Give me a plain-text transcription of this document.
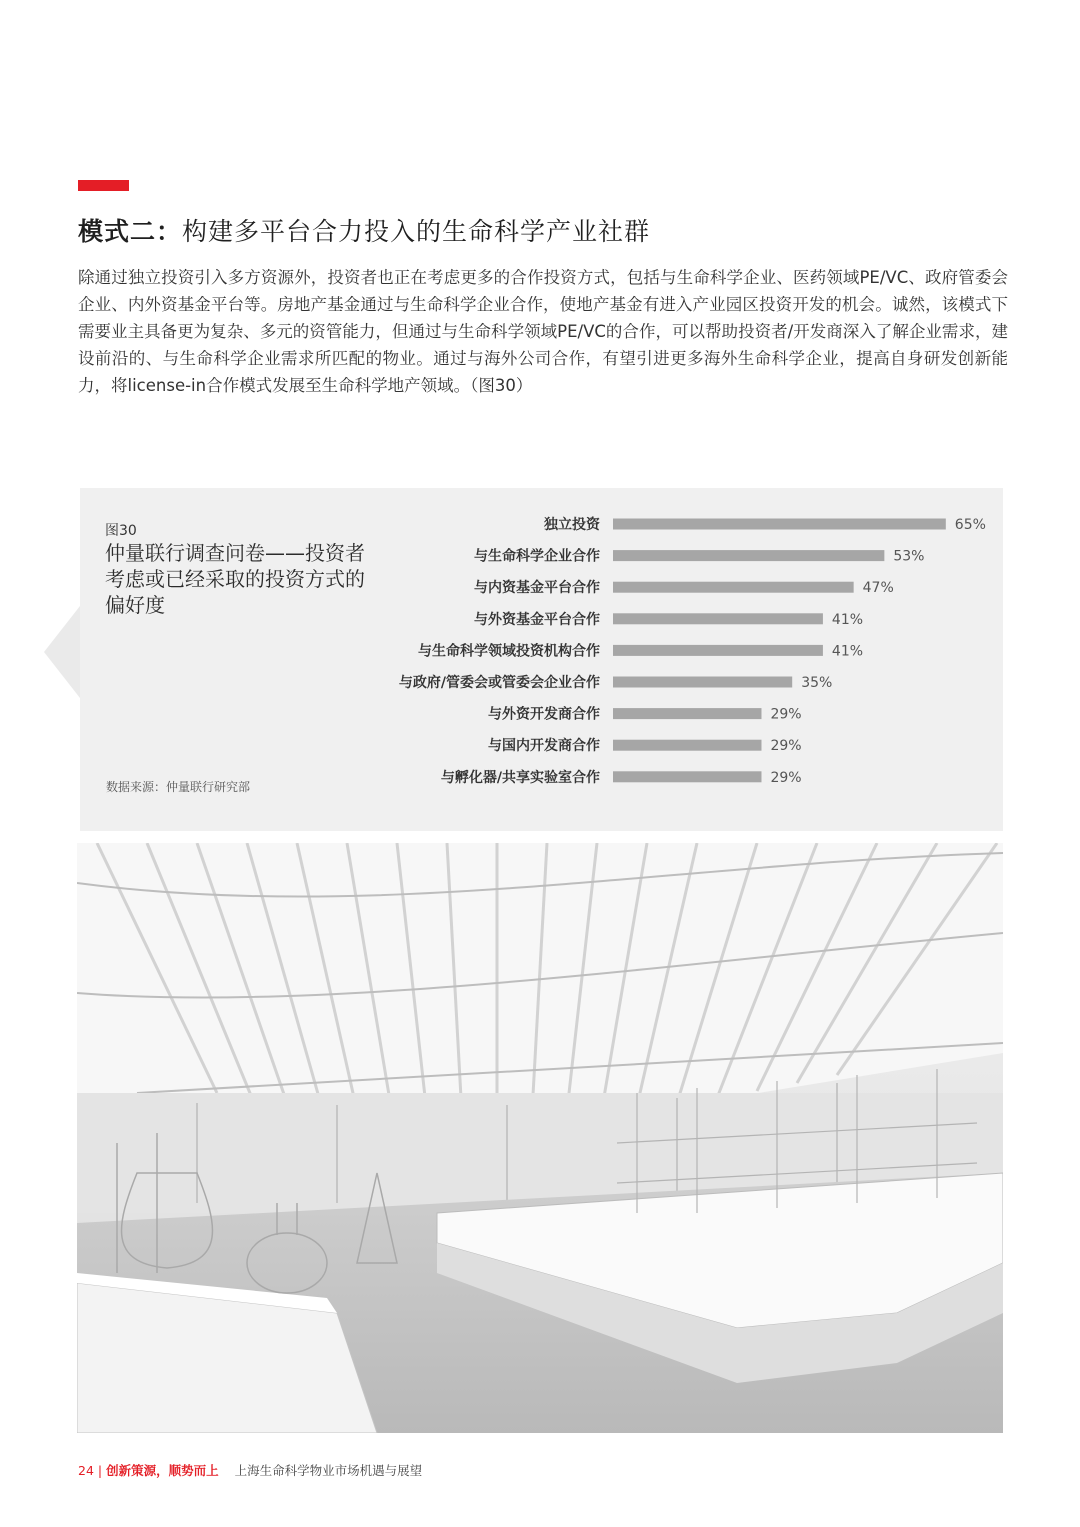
模式二：构建多平台合力投入的生命科学产业社群
除通过独立投资引入多方资源外，投资者也正在考虑更多的合作投资方式，包括与生命科学企业、医药领域PE/VC、政府管委会企业、内外资基金平台等。房地产基金通过与生命科学企业合作，使地产基金有进入产业园区投资开发的机会。诚然，该模式下需要业主具备更为复杂、多元的资管能力，但通过与生命科学领域PE/VC的合作，可以帮助投资者/开发商深入了解企业需求，建设前沿的、与生命科学企业需求所匹配的物业。通过与海外公司合作，有望引进更多海外生命科学企业，提高自身研发创新能力，将license-in合作模式发展至生命科学地产领域。（图30）
图30
仲量联行调查问卷——投资者考虑或已经采取的投资方式的偏好度
数据来源：仲量联行研究部
独立投资	65%
与生命科学企业合作	53%
与内资基金平台合作	47%
与外资基金平台合作	41%
与生命科学领域投资机构合作	41%
与政府/管委会或管委会企业合作	35%
与外资开发商合作	29%
与国内开发商合作	29%
与孵化器/共享实验室合作	29%
24 | 创新策源，顺势而上 上海生命科学物业市场机遇与展望
